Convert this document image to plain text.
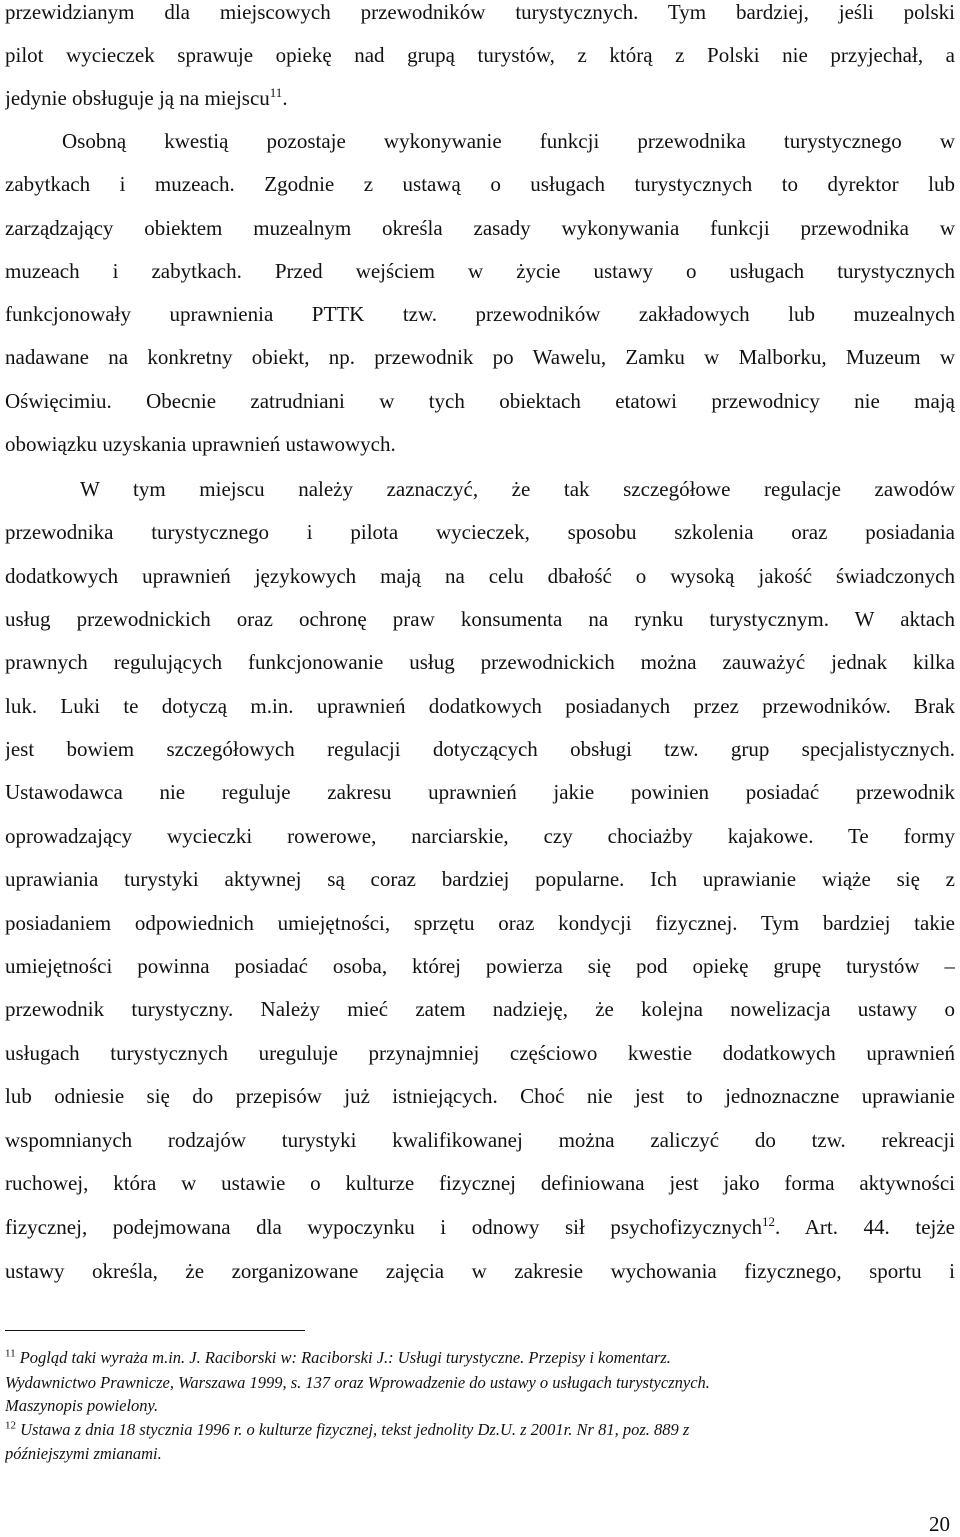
przewidzianym dla miejscowych przewodników turystycznych. Tym bardziej, jeśli polski
pilot wycieczek sprawuje opiekę nad grupą turystów, z którą z Polski nie przyjechał, a
jedynie obsługuje ją na miejscu$^{11}$.
Osobną kwestią pozostaje wykonywanie funkcji przewodnika turystycznego w
zabytkach i muzeach. Zgodnie z ustawą o usługach turystycznych to dyrektor lub
zarządzający obiektem muzealnym określa zasady wykonywania funkcji przewodnika w
muzeach i zabytkach. Przed wejściem w życie ustawy o usługach turystycznych
funkcjonowały uprawnienia PTTK tzw. przewodników zakładowych lub muzealnych
nadawane na konkretny obiekt, np. przewodnik po Wawelu, Zamku w Malborku, Muzeum w
Oświęcimiu. Obecnie zatrudniani w tych obiektach etatowi przewodnicy nie mają
obowiązku uzyskania uprawnień ustawowych.
W tym miejscu należy zaznaczyć, że tak szczegółowe regulacje zawodów
przewodnika turystycznego i pilota wycieczek, sposobu szkolenia oraz posiadania
dodatkowych uprawnień językowych mają na celu dbałość o wysoką jakość świadczonych
usług przewodnickich oraz ochronę praw konsumenta na rynku turystycznym. W aktach
prawnych regulujących funkcjonowanie usług przewodnickich można zauważyć jednak kilka
luk. Luki te dotyczą m.in. uprawnień dodatkowych posiadanych przez przewodników. Brak
jest bowiem szczegółowych regulacji dotyczących obsługi tzw. grup specjalistycznych.
Ustawodawca nie reguluje zakresu uprawnień jakie powinien posiadać przewodnik
oprowadzający wycieczki rowerowe, narciarskie, czy chociażby kajakowe. Te formy
uprawiania turystyki aktywnej są coraz bardziej popularne. Ich uprawianie wiąże się z
posiadaniem odpowiednich umiejętności, sprzętu oraz kondycji fizycznej. Tym bardziej takie
umiejętności powinna posiadać osoba, której powierza się pod opiekę grupę turystów –
przewodnik turystyczny. Należy mieć zatem nadzieję, że kolejna nowelizacja ustawy o
usługach turystycznych ureguluje przynajmniej częściowo kwestie dodatkowych uprawnień
lub odniesie się do przepisów już istniejących. Choć nie jest to jednoznaczne uprawianie
wspomnianych rodzajów turystyki kwalifikowanej można zaliczyć do tzw. rekreacji
ruchowej, która w ustawie o kulturze fizycznej definiowana jest jako forma aktywności
fizycznej, podejmowana dla wypoczynku i odnowy sił psychofizycznych$^{12}$. Art. 44. tejże
ustawy określa, że zorganizowane zajęcia w zakresie wychowania fizycznego, sportu i
$^{11}$ Pogląd taki wyraża m.in. J. Raciborski w: Raciborski J.: Usługi turystyczne. Przepisy i komentarz.
Wydawnictwo Prawnicze, Warszawa 1999, s. 137 oraz Wprowadzenie do ustawy o usługach turystycznych.
Maszynopis powielony.
$^{12}$ Ustawa z dnia 18 stycznia 1996 r. o kulturze fizycznej, tekst jednolity Dz.U. z 2001r. Nr 81, poz. 889 z
późniejszymi zmianami.
20
